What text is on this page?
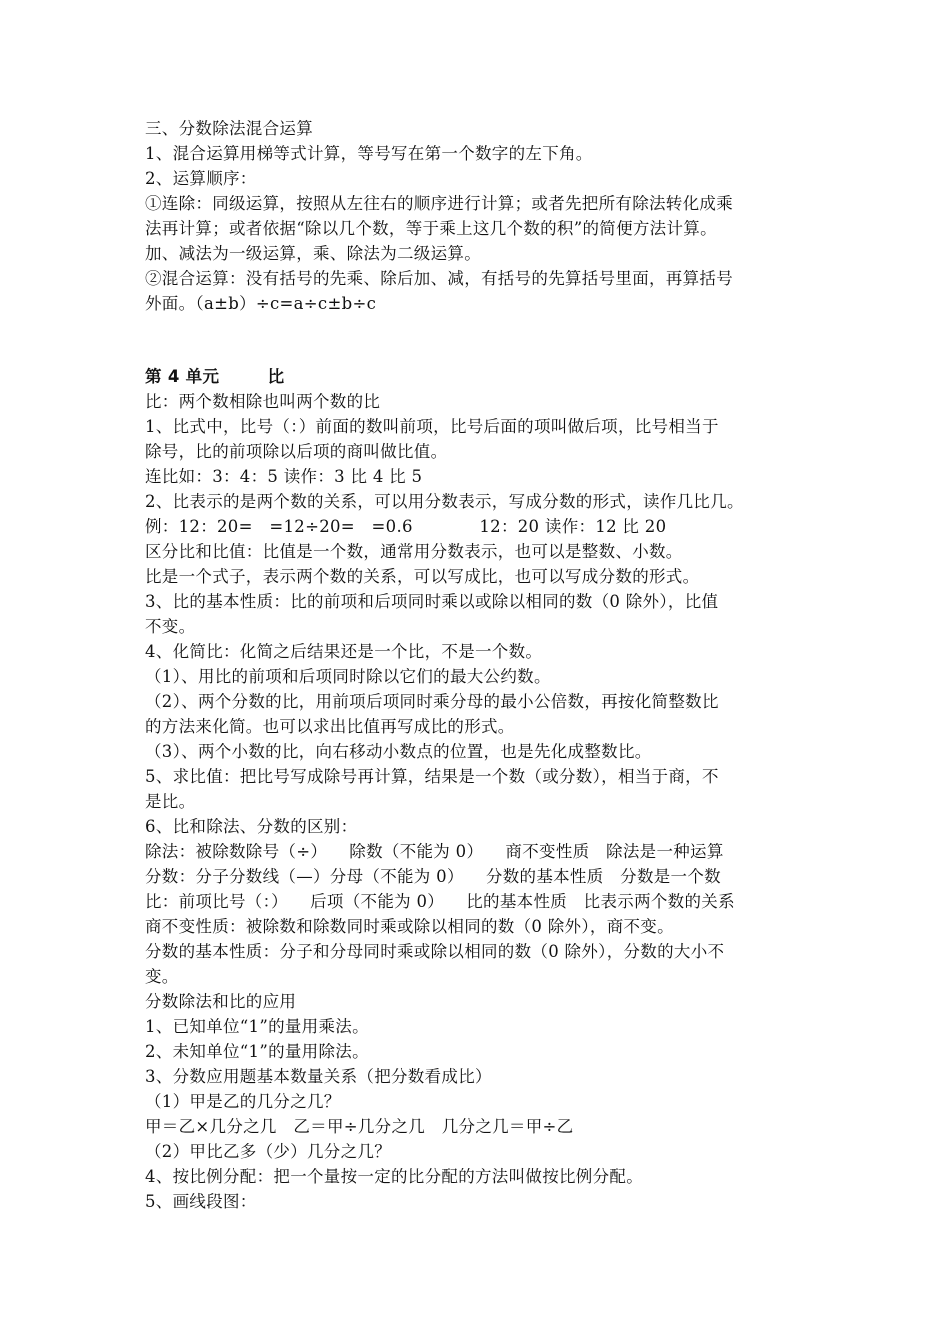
三、分数除法混合运算
1、混合运算用梯等式计算，等号写在第一个数字的左下角。
2、运算顺序：
①连除：同级运算，按照从左往右的顺序进行计算；或者先把所有除法转化成乘
法再计算；或者依据“除以几个数，等于乘上这几个数的积”的简便方法计算。
加、减法为一级运算，乘、除法为二级运算。
②混合运算：没有括号的先乘、除后加、减，有括号的先算括号里面，再算括号
外面。（a±b）÷c=a÷c±b÷c
第 4 单元        比
比：两个数相除也叫两个数的比
1、比式中，比号（：）前面的数叫前项，比号后面的项叫做后项，比号相当于
除号，比的前项除以后项的商叫做比值。
连比如：3：4：5 读作：3 比 4 比 5
2、比表示的是两个数的关系，可以用分数表示，写成分数的形式，读作几比几。
例：12：20=   =12÷20=   =0.6            12：20 读作：12 比 20
区分比和比值：比值是一个数，通常用分数表示，也可以是整数、小数。
比是一个式子，表示两个数的关系，可以写成比，也可以写成分数的形式。
3、比的基本性质：比的前项和后项同时乘以或除以相同的数（0 除外），比值
不变。
4、化简比：化简之后结果还是一个比，不是一个数。
（1）、用比的前项和后项同时除以它们的最大公约数。
（2）、两个分数的比，用前项后项同时乘分母的最小公倍数，再按化简整数比
的方法来化简。也可以求出比值再写成比的形式。
（3）、两个小数的比，向右移动小数点的位置，也是先化成整数比。
5、求比值：把比号写成除号再计算，结果是一个数（或分数），相当于商，不
是比。
6、比和除法、分数的区别：
除法：被除数除号（÷）    除数（不能为 0）    商不变性质   除法是一种运算
分数：分子分数线（—）分母（不能为 0）    分数的基本性质   分数是一个数
比：前项比号（：）    后项（不能为 0）    比的基本性质   比表示两个数的关系
商不变性质：被除数和除数同时乘或除以相同的数（0 除外），商不变。
分数的基本性质：分子和分母同时乘或除以相同的数（0 除外），分数的大小不
变。
分数除法和比的应用
1、已知单位“1”的量用乘法。
2、未知单位“1”的量用除法。
3、分数应用题基本数量关系（把分数看成比）
（1）甲是乙的几分之几？
甲＝乙×几分之几   乙＝甲÷几分之几   几分之几＝甲÷乙
（2）甲比乙多（少）几分之几？
4、按比例分配：把一个量按一定的比分配的方法叫做按比例分配。
5、画线段图：
